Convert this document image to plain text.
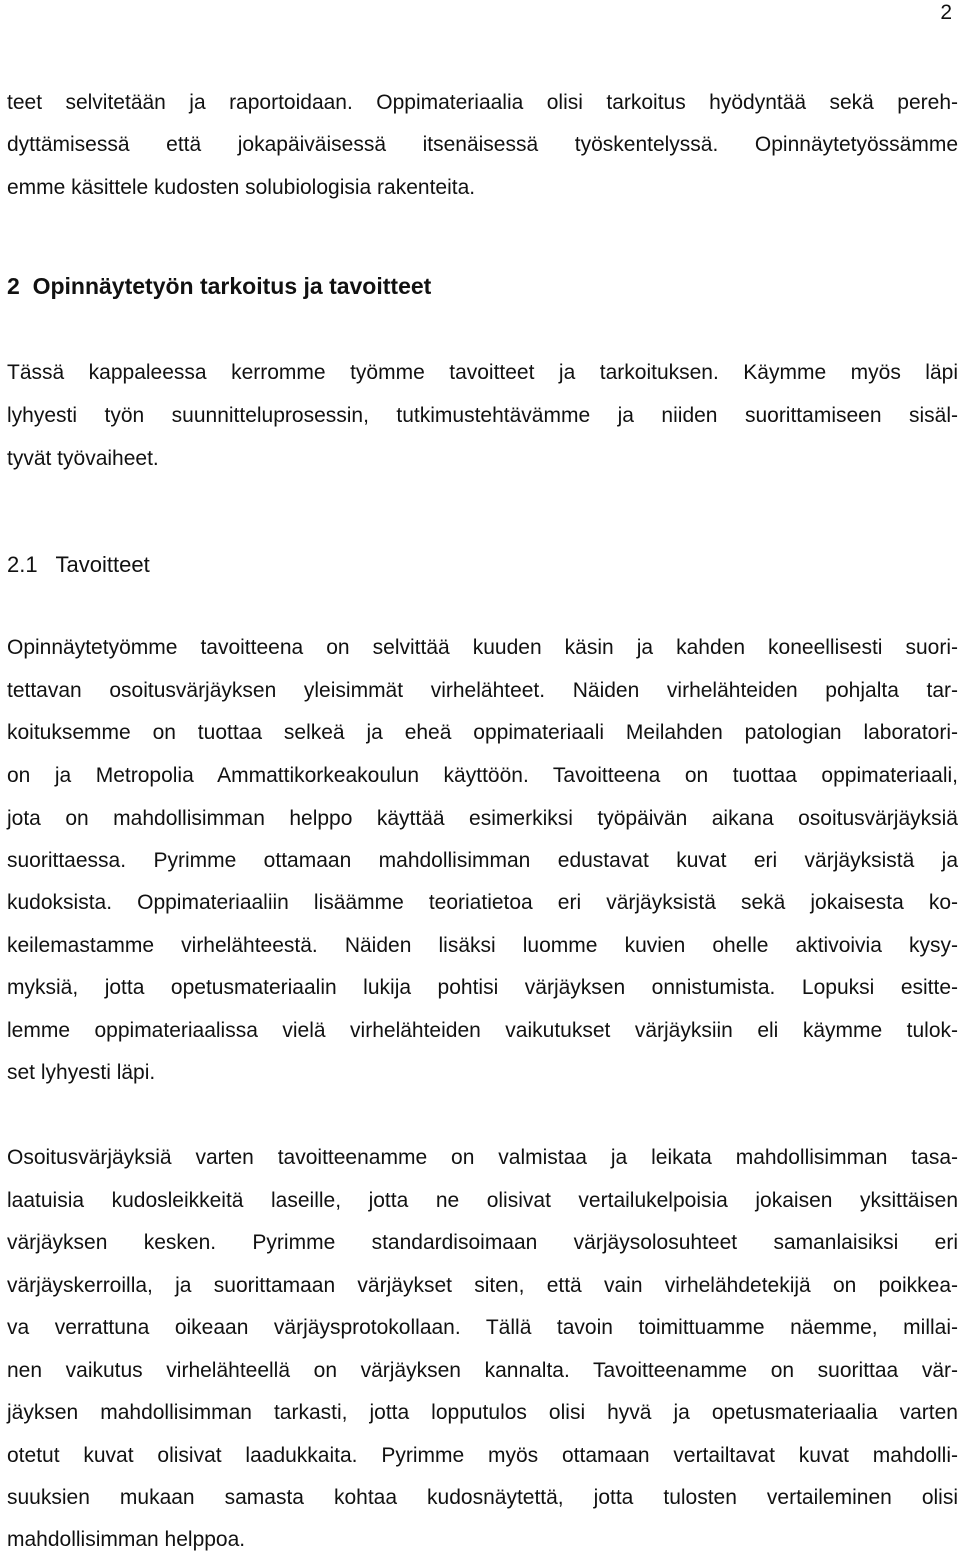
2
teet selvitetään ja raportoidaan. Oppimateriaalia olisi tarkoitus hyödyntää sekä pereh-
dyttämisessä että jokapäiväisessä itsenäisessä työskentelyssä. Opinnäytetyössämme
emme käsittele kudosten solubiologisia rakenteita.
2  Opinnäytetyön tarkoitus ja tavoitteet
Tässä kappaleessa kerromme työmme tavoitteet ja tarkoituksen. Käymme myös läpi
lyhyesti työn suunnitteluprosessin, tutkimustehtävämme ja niiden suorittamiseen sisäl-
tyvät työvaiheet.
2.1   Tavoitteet
Opinnäytetyömme tavoitteena on selvittää kuuden käsin ja kahden koneellisesti suori-
tettavan osoitusvärjäyksen yleisimmät virhelähteet. Näiden virhelähteiden pohjalta tar-
koituksemme on tuottaa selkeä ja eheä oppimateriaali Meilahden patologian laboratori-
on ja Metropolia Ammattikorkeakoulun käyttöön. Tavoitteena on tuottaa oppimateriaali,
jota on mahdollisimman helppo käyttää esimerkiksi työpäivän aikana osoitusvärjäyksiä
suorittaessa. Pyrimme ottamaan mahdollisimman edustavat kuvat eri värjäyksistä ja
kudoksista. Oppimateriaaliin lisäämme teoriatietoa eri värjäyksistä sekä jokaisesta ko-
keilemastamme virhelähteestä. Näiden lisäksi luomme kuvien ohelle aktivoivia kysy-
myksiä, jotta opetusmateriaalin lukija pohtisi värjäyksen onnistumista. Lopuksi esitte-
lemme oppimateriaalissa vielä virhelähteiden vaikutukset värjäyksiin eli käymme tulok-
set lyhyesti läpi.
Osoitusvärjäyksiä varten tavoitteenamme on valmistaa ja leikata mahdollisimman tasa-
laatuisia kudosleikkeitä laseille, jotta ne olisivat vertailukelpoisia jokaisen yksittäisen
värjäyksen kesken. Pyrimme standardisoimaan värjäysolosuhteet samanlaisiksi eri
värjäyskerroilla, ja suorittamaan värjäykset siten, että vain virhelähdetekijä on poikkea-
va verrattuna oikeaan värjäysprotokollaan. Tällä tavoin toimittuamme näemme, millai-
nen vaikutus virhelähteellä on värjäyksen kannalta. Tavoitteenamme on suorittaa vär-
jäyksen mahdollisimman tarkasti, jotta lopputulos olisi hyvä ja opetusmateriaalia varten
otetut kuvat olisivat laadukkaita. Pyrimme myös ottamaan vertailtavat kuvat mahdolli-
suuksien mukaan samasta kohtaa kudosnäytettä, jotta tulosten vertaileminen olisi
mahdollisimman helppoa.
